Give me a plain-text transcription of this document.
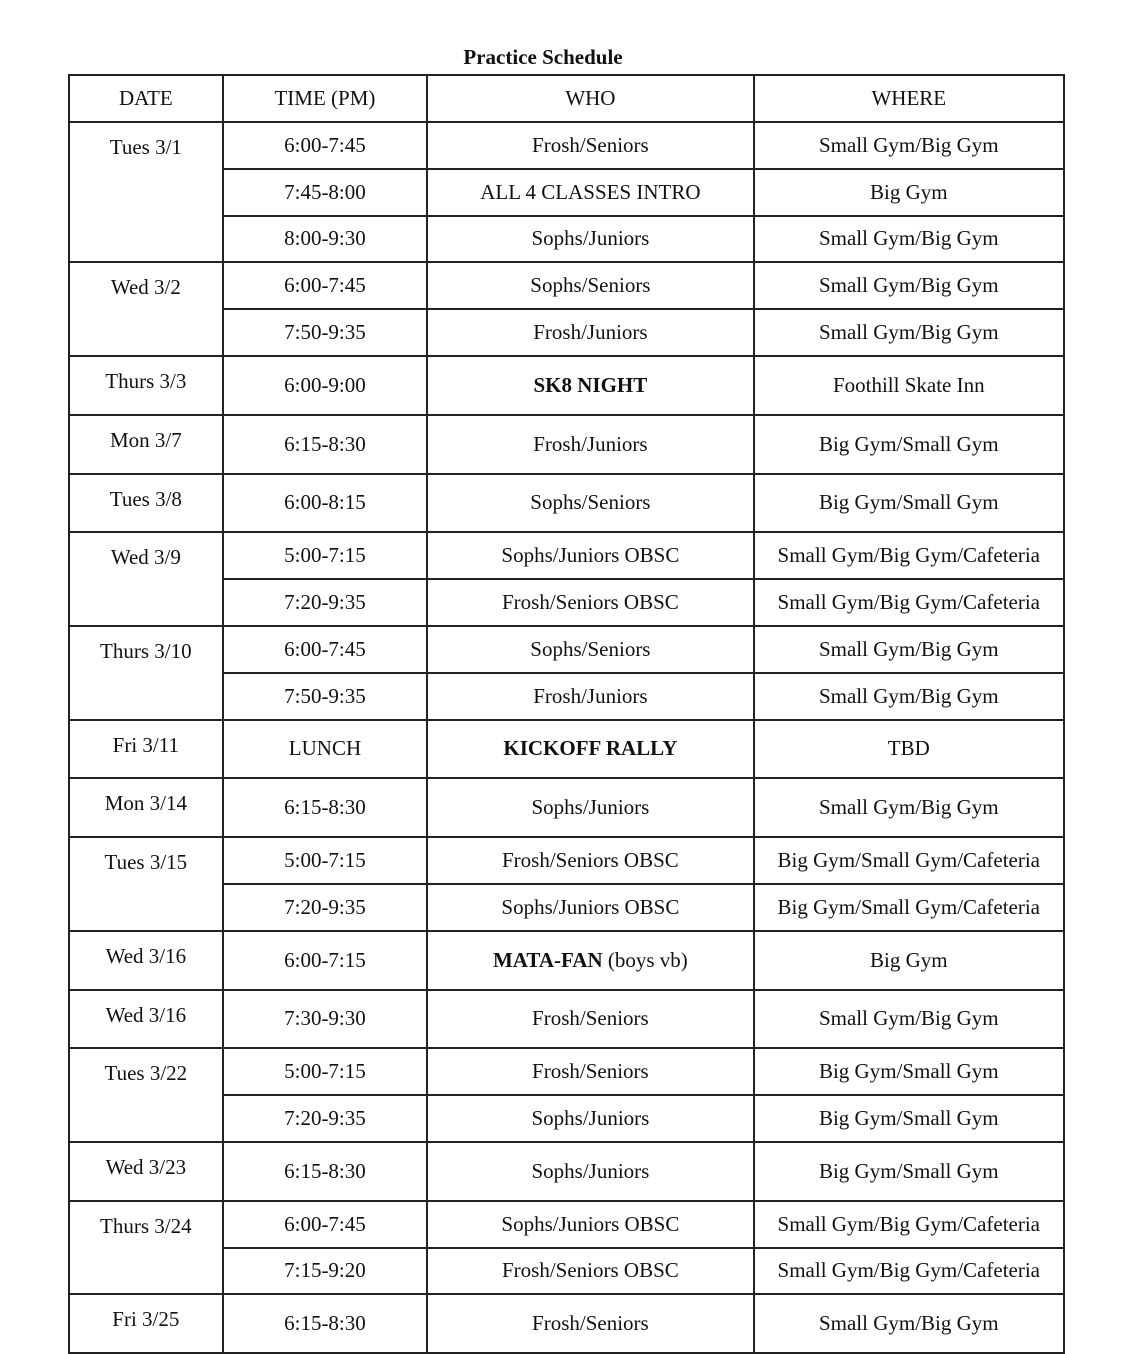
Practice Schedule
DATE	TIME (PM)	WHO	WHERE
Tues 3/1	6:00-7:45	Frosh/Seniors	Small Gym/Big Gym
	7:45-8:00	ALL 4 CLASSES INTRO	Big Gym
	8:00-9:30	Sophs/Juniors	Small Gym/Big Gym
Wed 3/2	6:00-7:45	Sophs/Seniors	Small Gym/Big Gym
	7:50-9:35	Frosh/Juniors	Small Gym/Big Gym
Thurs 3/3	6:00-9:00	SK8 NIGHT	Foothill Skate Inn
Mon 3/7	6:15-8:30	Frosh/Juniors	Big Gym/Small Gym
Tues 3/8	6:00-8:15	Sophs/Seniors	Big Gym/Small Gym
Wed 3/9	5:00-7:15	Sophs/Juniors OBSC	Small Gym/Big Gym/Cafeteria
	7:20-9:35	Frosh/Seniors OBSC	Small Gym/Big Gym/Cafeteria
Thurs 3/10	6:00-7:45	Sophs/Seniors	Small Gym/Big Gym
	7:50-9:35	Frosh/Juniors	Small Gym/Big Gym
Fri 3/11	LUNCH	KICKOFF RALLY	TBD
Mon 3/14	6:15-8:30	Sophs/Juniors	Small Gym/Big Gym
Tues 3/15	5:00-7:15	Frosh/Seniors OBSC	Big Gym/Small Gym/Cafeteria
	7:20-9:35	Sophs/Juniors OBSC	Big Gym/Small Gym/Cafeteria
Wed 3/16	6:00-7:15	MATA-FAN (boys vb)	Big Gym
Wed 3/16	7:30-9:30	Frosh/Seniors	Small Gym/Big Gym
Tues 3/22	5:00-7:15	Frosh/Seniors	Big Gym/Small Gym
	7:20-9:35	Sophs/Juniors	Big Gym/Small Gym
Wed 3/23	6:15-8:30	Sophs/Juniors	Big Gym/Small Gym
Thurs 3/24	6:00-7:45	Sophs/Juniors OBSC	Small Gym/Big Gym/Cafeteria
	7:15-9:20	Frosh/Seniors OBSC	Small Gym/Big Gym/Cafeteria
Fri 3/25	6:15-8:30	Frosh/Seniors	Small Gym/Big Gym
